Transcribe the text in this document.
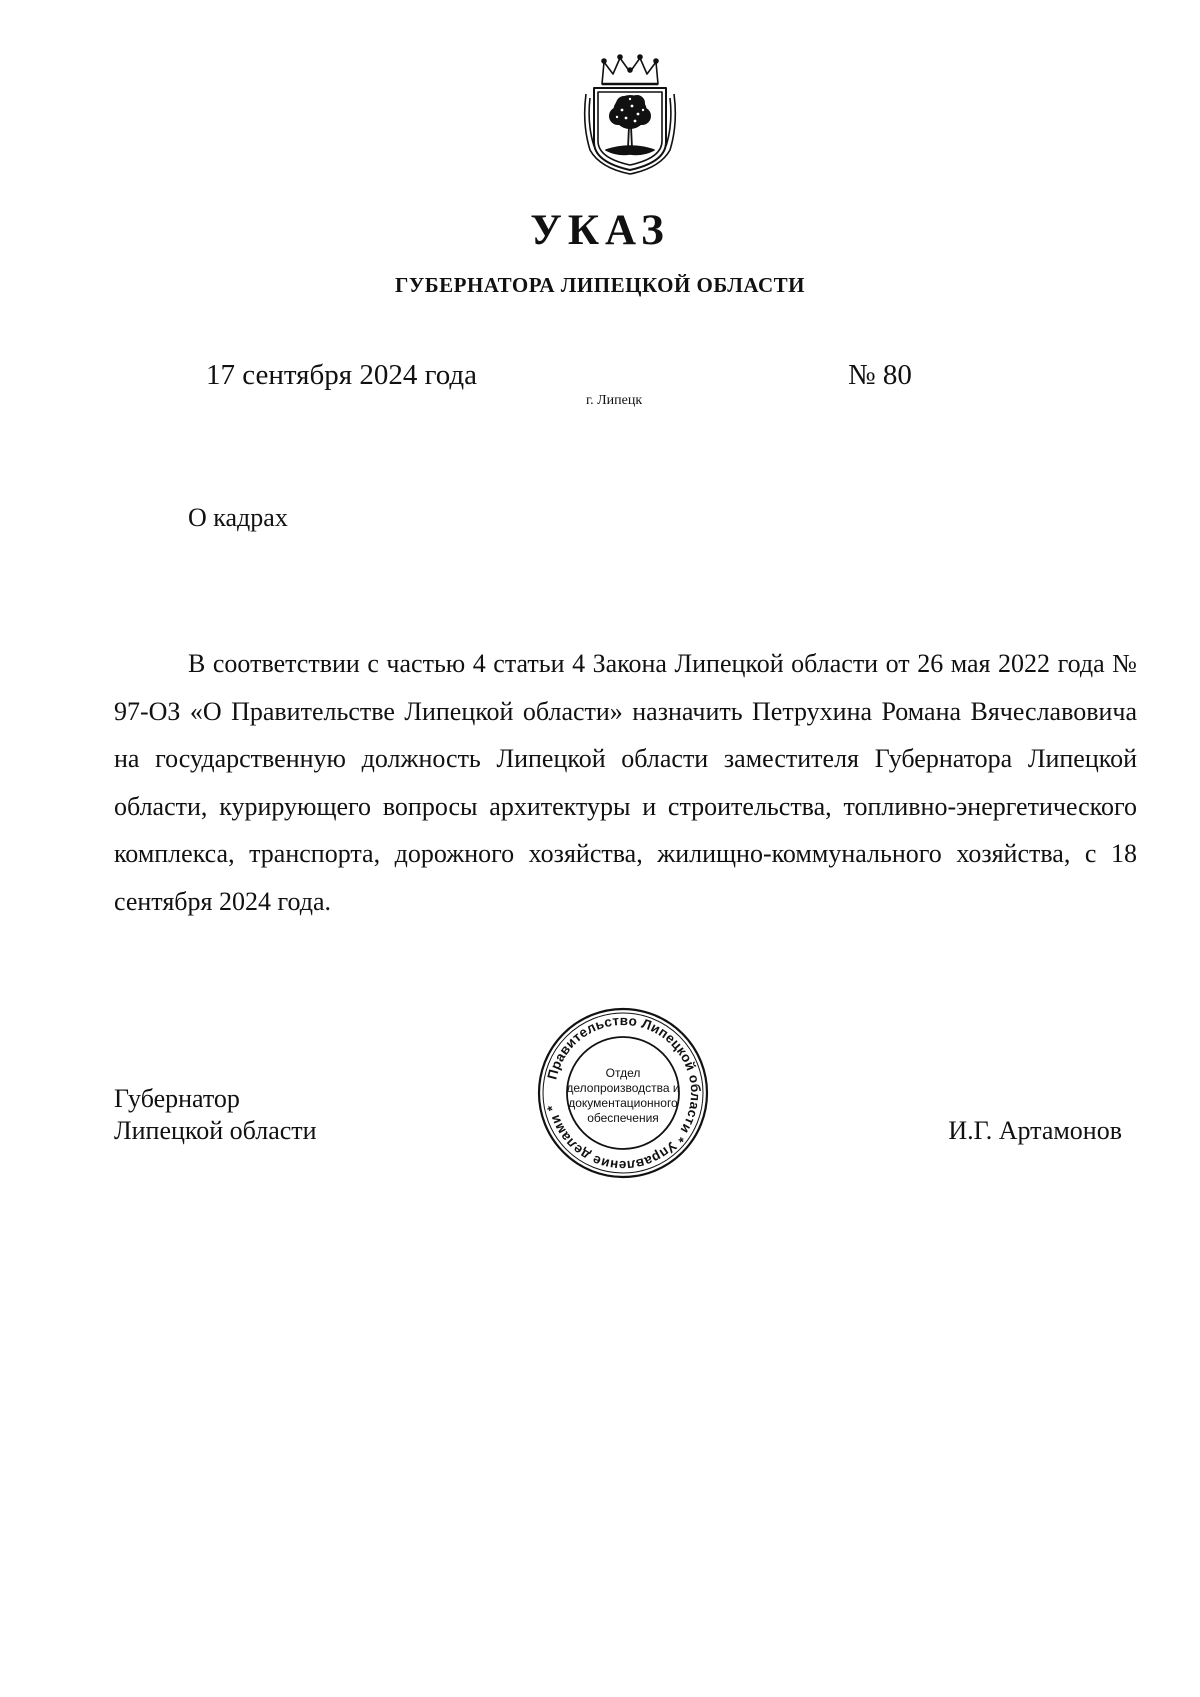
УКАЗ
ГУБЕРНАТОРА ЛИПЕЦКОЙ ОБЛАСТИ
17 сентября 2024 года	№ 80
г. Липецк
О кадрах

В соответствии с частью 4 статьи 4 Закона Липецкой области от 26 мая 2022 года № 97-ОЗ «О Правительстве Липецкой области» назначить Петрухина Романа Вячеславовича на государственную должность Липецкой области заместителя Губернатора Липецкой области, курирующего вопросы архитектуры и строительства, топливно-энергетического комплекса, транспорта, дорожного хозяйства, жилищно-коммунального хозяйства, с 18 сентября 2024 года.

Губернатор
Липецкой области	И.Г. Артамонов
Правительство Липецкой области * Управление делами *
Отдел
делопроизводства и
документационного
обеспечения
